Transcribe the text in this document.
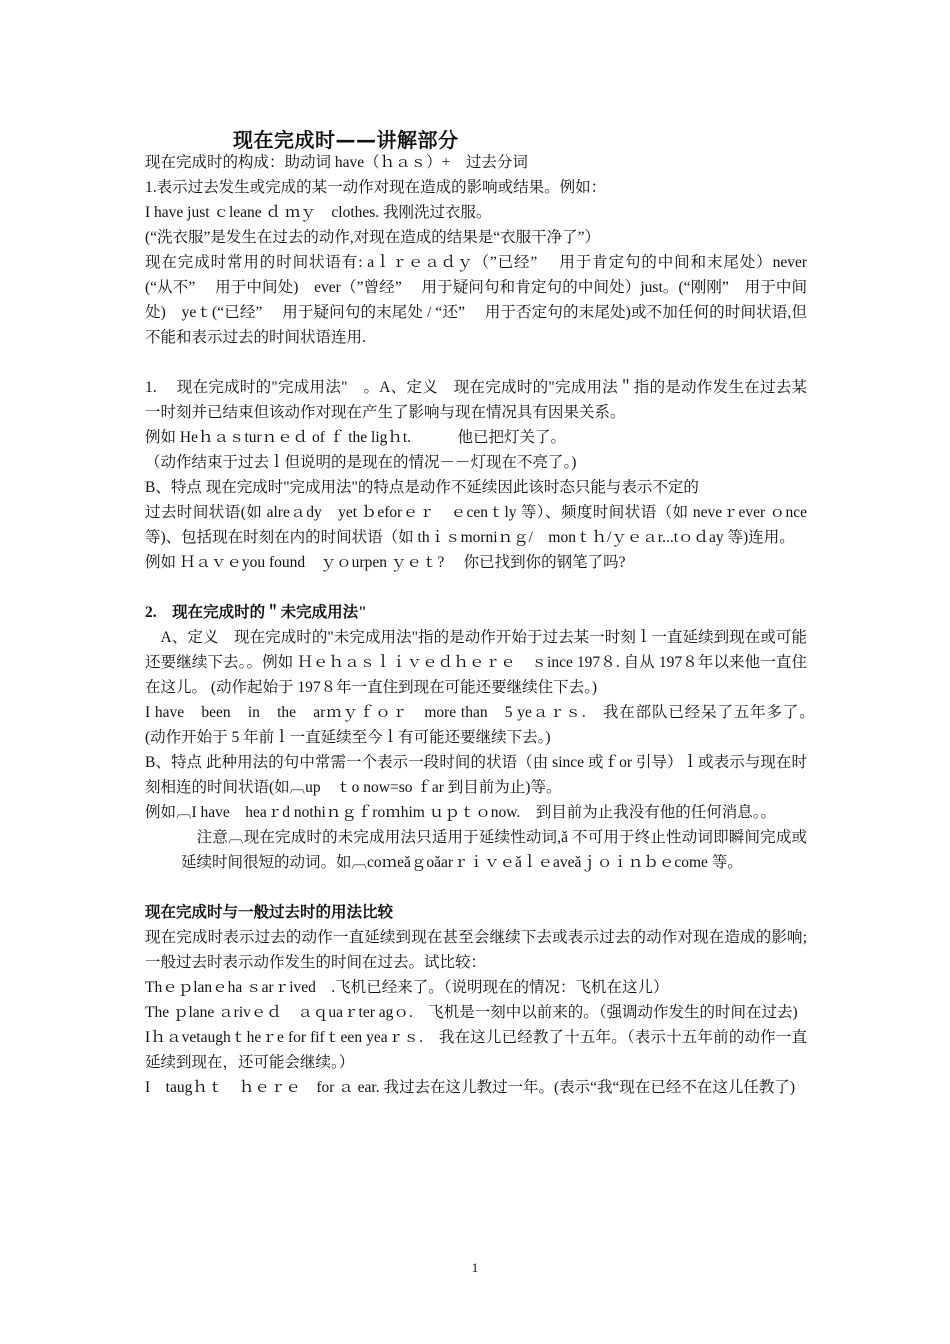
现在完成时——讲解部分

现在完成时的构成：助动词 have（ｈａｓ）+　过去分词

1.表示过去发生或完成的某一动作对现在造成的影响或结果。例如：

I have just ｃleane ｄ ｍｙ　clothes. 我刚洗过衣服。

(“洗衣服”是发生在过去的动作,对现在造成的结果是“衣服干净了”）

现在完成时常用的时间状语有: aｌｒｅａｄｙ（”已经”　 用于肯定句的中间和末尾处）never　(“从不”　 用于中间处)　ever（”曾经”　 用于疑问句和肯定句的中间处）just。(“刚刚”　用于中间处)　yeｔ(“已经”　 用于疑问句的末尾处 / “还”　 用于否定句的末尾处)或不加任何的时间状语,但不能和表示过去的时间状语连用.

1.　 现在完成时的"完成用法"　。A、定义　现在完成时的"完成用法＂指的是动作发生在过去某一时刻并已结束但该动作对现在产生了影响与现在情况具有因果关系。

例如 Heｈａｓturｎｅｄ of ｆ the ligｈt.　　　他已把灯关了。

（动作结束于过去ｌ但说明的是现在的情况－－灯现在不亮了。)

B、特点 现在完成时"完成用法"的特点是动作不延续因此该时态只能与表示不定的

过去时间状语(如 alreａdy　yet ｂeforｅｒ　ｅcenｔly 等）、频度时间状语（如 neveｒever ｏnce 等)、包括现在时刻在内的时间状语（如 thｉｓmorniｎｇ/　monｔｈ/ｙｅａr...tｏｄay 等)连用。

例如 Ｈａｖｅyou found　ｙｏurpen ｙｅｔ?　 你已找到你的钢笔了吗?

2.　现在完成时的＂未完成用法"

　A、定义　现在完成时的"未完成用法"指的是动作开始于过去某一时刻ｌ一直延续到现在或可能还要继续下去。。例如 Ｈｅｈａｓｌｉｖｅｄｈｅｒｅ　ｓince 197８. 自从 197８年以来他一直住在这儿。 (动作起始于 197８年一直住到现在可能还要继续住下去。)

I have　been　in　the　arｍｙｆｏｒ　more than　5 yeａｒｓ.　我在部队已经呆了五年多了。　(动作开始于 5 年前ｌ一直延续至今ｌ有可能还要继续下去。)

B、特点 此种用法的句中常需一个表示一段时间的状语（由 since 或ｆor 引导）ｌ或表示与现在时刻相连的时间状语(如︹up　ｔo now=so ｆar 到目前为止)等。

例如︹I have　heaｒd nothiｎｇｆroｍhim ｕｐｔｏnow.　到目前为止我没有他的任何消息。。

　注意︹现在完成时的未完成用法只适用于延续性动词,ǎ 不可用于终止性动词即瞬间完成或延续时间很短的动词。如︹coｍeǎｇoǎarｒｉｖｅǎｌｅaveǎｊｏｉｎｂｅcome 等。

现在完成时与一般过去时的用法比较

现在完成时表示过去的动作一直延续到现在甚至会继续下去或表示过去的动作对现在造成的影响;一般过去时表示动作发生的时间在过去。试比较：

Thｅｐlanｅha ｓarｒived　.飞机已经来了。（说明现在的情况：飞机在这儿）

The ｐlane ａrivｅｄ　ａｑuaｒter agｏ.　飞机是一刻中以前来的。（强调动作发生的时间在过去)

Iｈａvetaughｔheｒe for fifｔeen yeaｒｓ.　我在这儿已经教了十五年。（表示十五年前的动作一直延续到现在，还可能会继续。）

I　taugｈｔ　ｈｅｒｅ　for ａ ear. 我过去在这儿教过一年。(表示“我“现在已经不在这儿任教了)

1
